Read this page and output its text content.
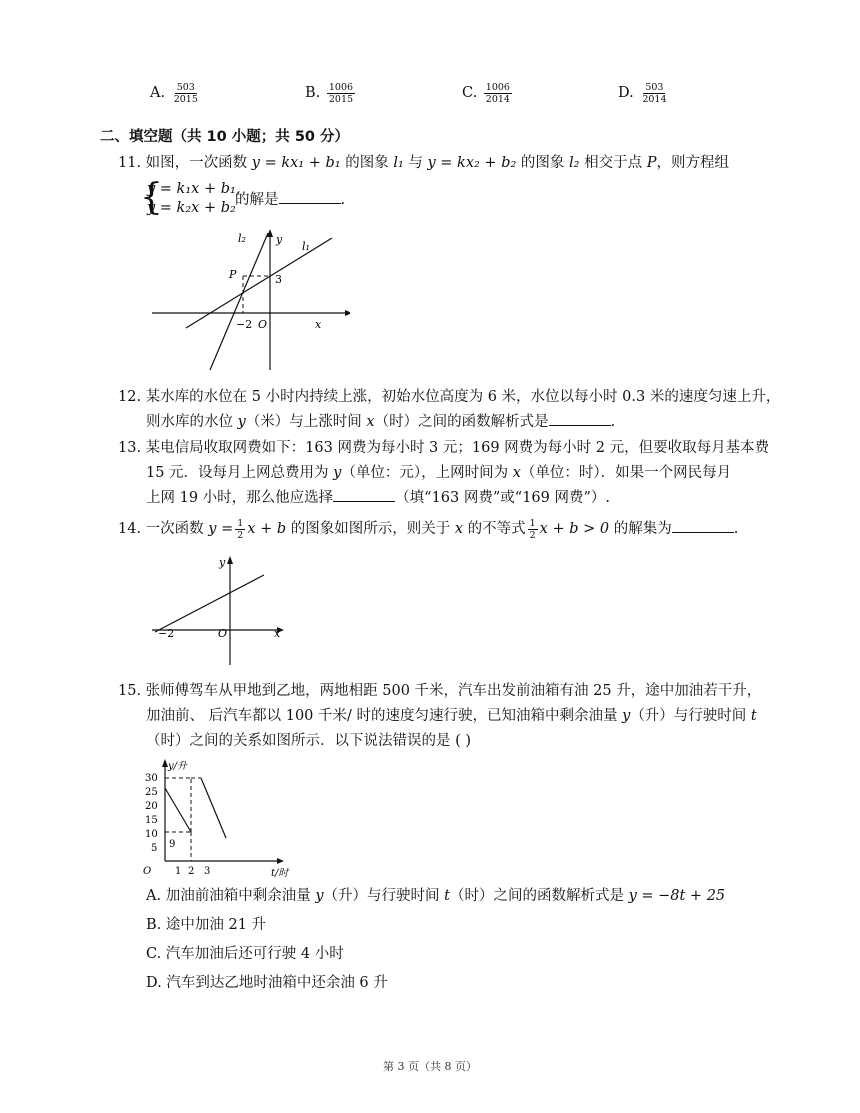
A. $\frac{503}{2015}$	B. $\frac{1006}{2015}$	C. $\frac{1006}{2014}$	D. $\frac{503}{2014}$
二、填空题（共 10 小题；共 50 分）
11. 如图，一次函数 y = kx₁ + b₁ 的图象 l₁ 与 y = kx₂ + b₂ 的图象 l₂ 相交于点 P，则方程组
{
y = k₁x + b₁,
y = k₂x + b₂ 的解是	.
l₂	y
l₁
P	3
−2 O	x
12. 某水库的水位在 5 小时内持续上涨，初始水位高度为 6 米，水位以每小时 0.3 米的速度匀速上升，
则水库的水位 y（米）与上涨时间 x（时）之间的函数解析式是	.
13. 某电信局收取网费如下：163 网费为每小时 3 元；169 网费为每小时 2 元，但要收取每月基本费
15 元．设每月上网总费用为 y（单位：元），上网时间为 x（单位：时）．如果一个网民每月
上网 19 小时，那么他应选择	（填“163 网费”或“169 网费”）.
14. 一次函数 $y = \frac{1}{2}$ x + b 的图象如图所示，则关于 x 的不等式 $\frac{1}{2}$ x + b > 0 的解集为	.
y
−2	O	x
15. 张师傅驾车从甲地到乙地，两地相距 500 千米，汽车出发前油箱有油 25 升，途中加油若干升，
加油前、 后汽车都以 100 千米/ 时的速度匀速行驶，已知油箱中剩余油量 y（升）与行驶时间 t
（时）之间的关系如图所示．以下说法错误的是 ( )
y/升
30
25
20
15
10
5 9
O 1 2 3	t/时
A. 加油前油箱中剩余油量 y（升）与行驶时间 t（时）之间的函数解析式是 y = −8t + 25
B. 途中加油 21 升
C. 汽车加油后还可行驶 4 小时
D. 汽车到达乙地时油箱中还余油 6 升
第 3 页（共 8 页）
